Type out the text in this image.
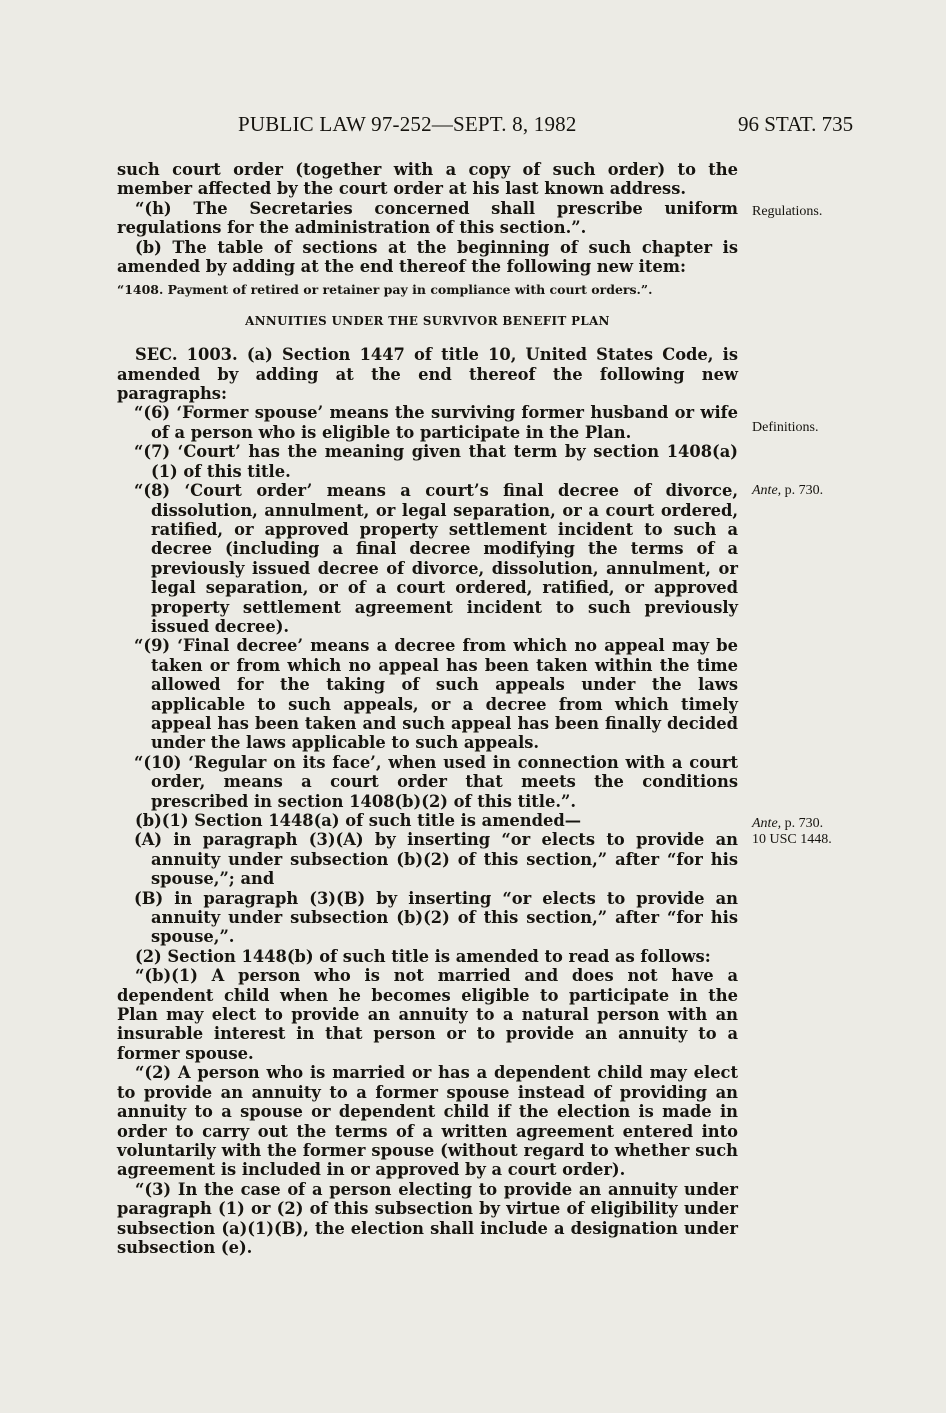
PUBLIC LAW 97-252—SEPT. 8, 1982	96 STAT. 735

such court order (together with a copy of such order) to the member affected by the court order at his last known address.

“(h) The Secretaries concerned shall prescribe uniform regulations for the administration of this section.”.

(b) The table of sections at the beginning of such chapter is amended by adding at the end thereof the following new item:

“1408. Payment of retired or retainer pay in compliance with court orders.”.

ANNUITIES UNDER THE SURVIVOR BENEFIT PLAN

SEC. 1003. (a) Section 1447 of title 10, United States Code, is amended by adding at the end thereof the following new paragraphs:

“(6) ‘Former spouse’ means the surviving former husband or wife of a person who is eligible to participate in the Plan.

“(7) ‘Court’ has the meaning given that term by section 1408(a)(1) of this title.

“(8) ‘Court order’ means a court’s final decree of divorce, dissolution, annulment, or legal separation, or a court ordered, ratified, or approved property settlement incident to such a decree (including a final decree modifying the terms of a previously issued decree of divorce, dissolution, annulment, or legal separation, or of a court ordered, ratified, or approved property settlement agreement incident to such previously issued decree).

“(9) ‘Final decree’ means a decree from which no appeal may be taken or from which no appeal has been taken within the time allowed for the taking of such appeals under the laws applicable to such appeals, or a decree from which timely appeal has been taken and such appeal has been finally decided under the laws applicable to such appeals.

“(10) ‘Regular on its face’, when used in connection with a court order, means a court order that meets the conditions prescribed in section 1408(b)(2) of this title.”.

(b)(1) Section 1448(a) of such title is amended—

(A) in paragraph (3)(A) by inserting “or elects to provide an annuity under subsection (b)(2) of this section,” after “for his spouse,”; and

(B) in paragraph (3)(B) by inserting “or elects to provide an annuity under subsection (b)(2) of this section,” after “for his spouse,”.

(2) Section 1448(b) of such title is amended to read as follows:

“(b)(1) A person who is not married and does not have a dependent child when he becomes eligible to participate in the Plan may elect to provide an annuity to a natural person with an insurable interest in that person or to provide an annuity to a former spouse.

“(2) A person who is married or has a dependent child may elect to provide an annuity to a former spouse instead of providing an annuity to a spouse or dependent child if the election is made in order to carry out the terms of a written agreement entered into voluntarily with the former spouse (without regard to whether such agreement is included in or approved by a court order).

“(3) In the case of a person electing to provide an annuity under paragraph (1) or (2) of this subsection by virtue of eligibility under subsection (a)(1)(B), the election shall include a designation under subsection (e).

Regulations.
Definitions.
Ante, p. 730.
Ante, p. 730.
10 USC 1448.
